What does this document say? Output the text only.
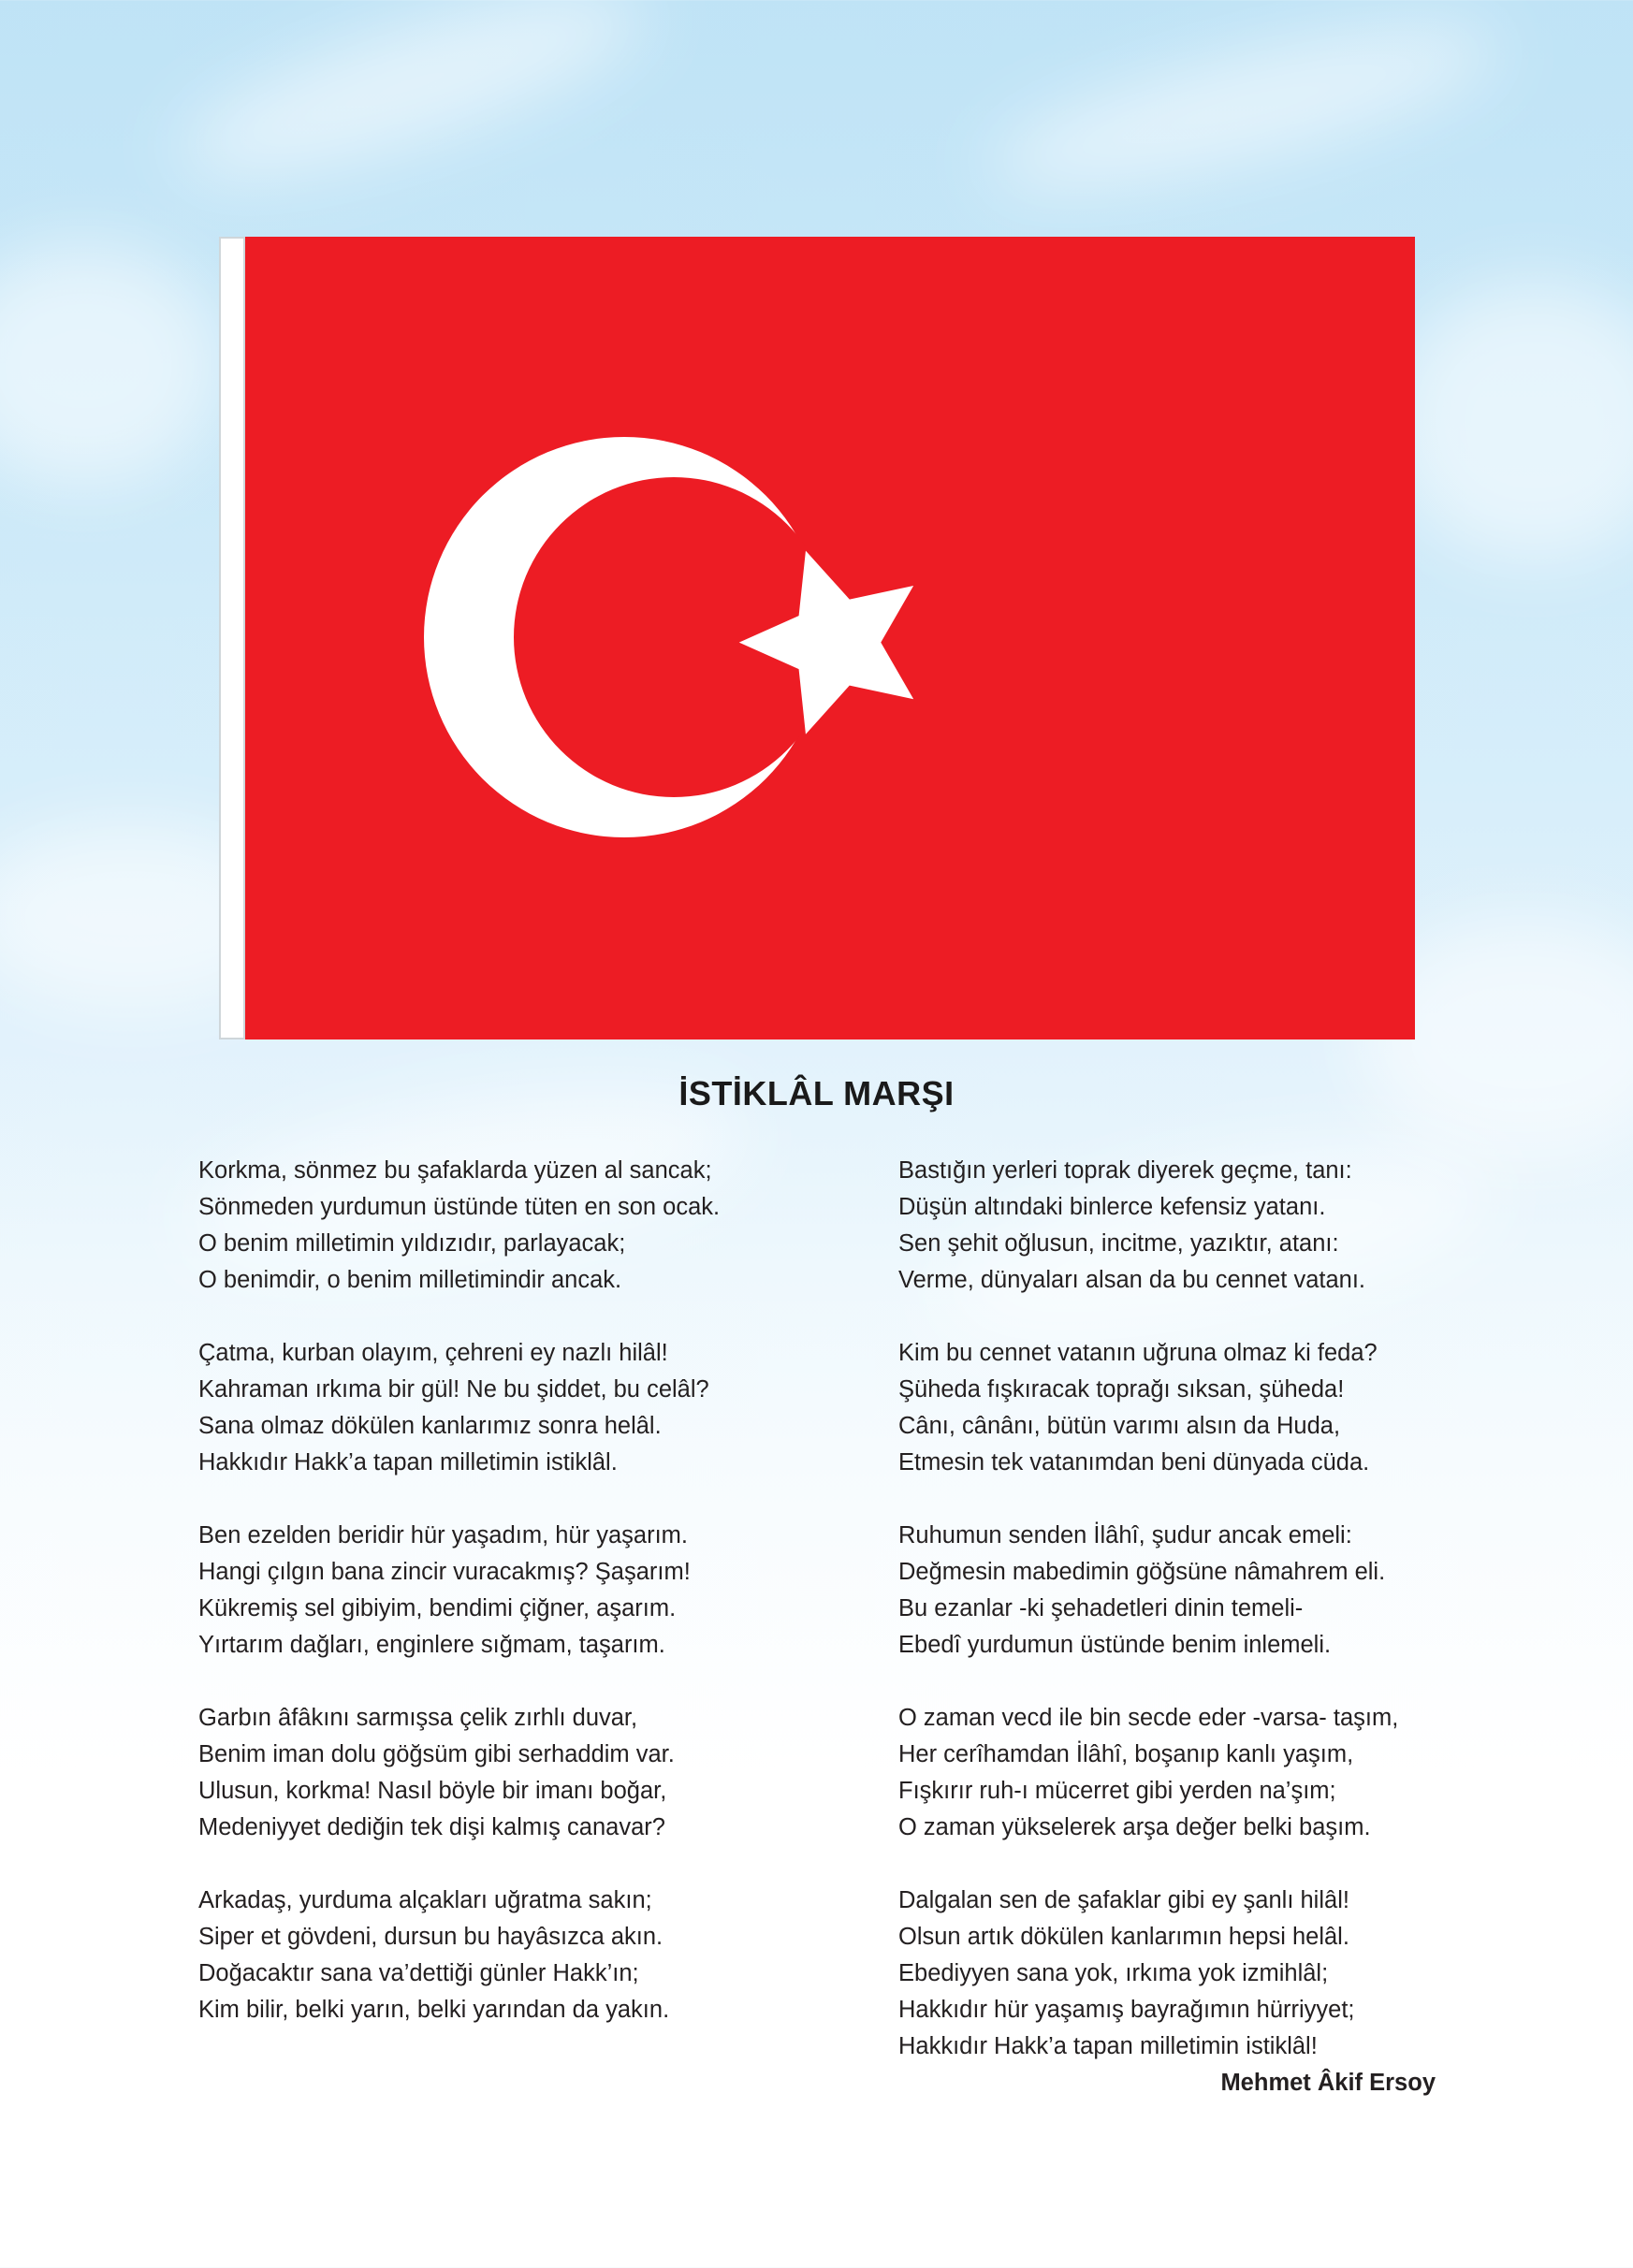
İSTİKLÂL MARŞI
Korkma, sönmez bu şafaklarda yüzen al sancak;
Sönmeden yurdumun üstünde tüten en son ocak.
O benim milletimin yıldızıdır, parlayacak;
O benimdir, o benim milletimindir ancak.
Çatma, kurban olayım, çehreni ey nazlı hilâl!
Kahraman ırkıma bir gül! Ne bu şiddet, bu celâl?
Sana olmaz dökülen kanlarımız sonra helâl.
Hakkıdır Hakk’a tapan milletimin istiklâl.
Ben ezelden beridir hür yaşadım, hür yaşarım.
Hangi çılgın bana zincir vuracakmış? Şaşarım!
Kükremiş sel gibiyim, bendimi çiğner, aşarım.
Yırtarım dağları, enginlere sığmam, taşarım.
Garbın âfâkını sarmışsa çelik zırhlı duvar,
Benim iman dolu göğsüm gibi serhaddim var.
Ulusun, korkma! Nasıl böyle bir imanı boğar,
Medeniyyet dediğin tek dişi kalmış canavar?
Arkadaş, yurduma alçakları uğratma sakın;
Siper et gövdeni, dursun bu hayâsızca akın.
Doğacaktır sana va’dettiği günler Hakk’ın;
Kim bilir, belki yarın, belki yarından da yakın.
Bastığın yerleri toprak diyerek geçme, tanı:
Düşün altındaki binlerce kefensiz yatanı.
Sen şehit oğlusun, incitme, yazıktır, atanı:
Verme, dünyaları alsan da bu cennet vatanı.
Kim bu cennet vatanın uğruna olmaz ki feda?
Şüheda fışkıracak toprağı sıksan, şüheda!
Cânı, cânânı, bütün varımı alsın da Huda,
Etmesin tek vatanımdan beni dünyada cüda.
Ruhumun senden İlâhî, şudur ancak emeli:
Değmesin mabedimin göğsüne nâmahrem eli.
Bu ezanlar -ki şehadetleri dinin temeli-
Ebedî yurdumun üstünde benim inlemeli.
O zaman vecd ile bin secde eder -varsa- taşım,
Her cerîhamdan İlâhî, boşanıp kanlı yaşım,
Fışkırır ruh-ı mücerret gibi yerden na’şım;
O zaman yükselerek arşa değer belki başım.
Dalgalan sen de şafaklar gibi ey şanlı hilâl!
Olsun artık dökülen kanlarımın hepsi helâl.
Ebediyyen sana yok, ırkıma yok izmihlâl;
Hakkıdır hür yaşamış bayrağımın hürriyyet;
Hakkıdır Hakk’a tapan milletimin istiklâl!
Mehmet Âkif Ersoy
